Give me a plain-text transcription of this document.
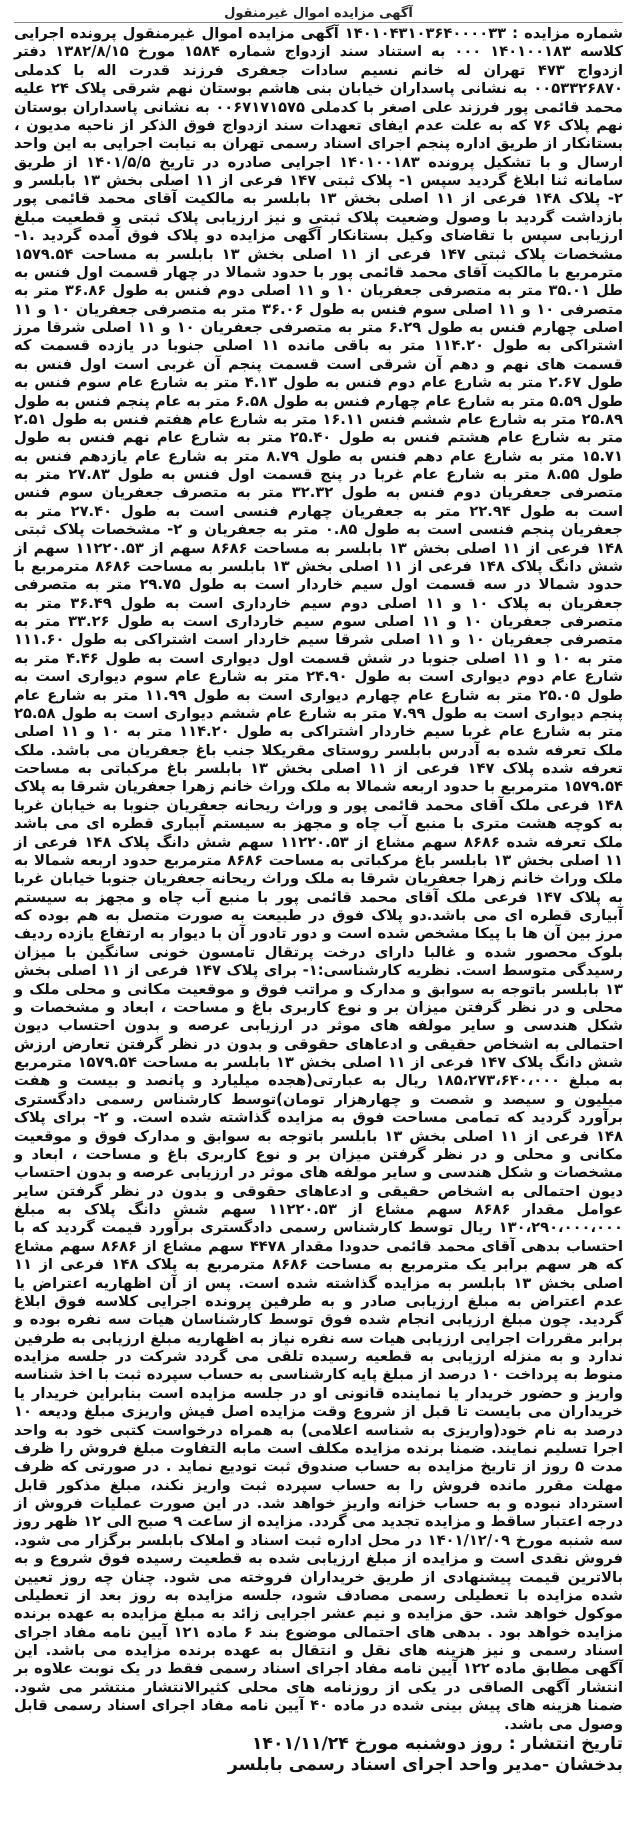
آگهی مزایده اموال غیرمنقول

شماره مزایده : ۱۴۰۱۰۴۳۱۰۳۶۴۰۰۰۰۳۳ آگهی مزایده اموال غیرمنقول پرونده اجرایی کلاسه ۱۴۰۱۰۰۱۸۳ ۰۰۰ به استناد سند ازدواج شماره ۱۵۸۴ مورخ ۱۳۸۲/۸/۱۵ دفتر ازدواج ۴۷۳ تهران له خانم نسیم سادات جعفری فرزند قدرت اله با کدملی ۰۰۵۳۳۲۶۸۷۰ به نشانی پاسداران خیابان بنی هاشم بوستان نهم شرقی پلاک ۲۴ علیه محمد قائمی پور فرزند علی اصغر با کدملی ۰۰۶۷۱۷۱۵۷۵ به نشانی پاسداران بوستان نهم پلاک ۷۶ که به علت عدم ایفای تعهدات سند ازدواج فوق الذکر از ناحیه مدیون ، بستانکار از طریق اداره پنجم اجرای اسناد رسمی تهران به نیابت اجرایی به این واحد ارسال و با تشکیل پرونده ۱۴۰۱۰۰۱۸۳ اجرایی صادره در تاریخ ۱۴۰۱/۵/۵ از طریق سامانه ثنا ابلاغ گردید سپس ۱- پلاک ثبتی ۱۴۷ فرعی از ۱۱ اصلی بخش ۱۳ بابلسر و ۲- پلاک ۱۴۸ فرعی از ۱۱ اصلی بخش ۱۳ بابلسر به مالکیت آقای محمد قائمی پور بازداشت گردید با وصول وضعیت پلاک ثبتی و نیز ارزیابی پلاک ثبتی و قطعیت مبلغ ارزیابی سپس با تقاضای وکیل بستانکار آگهی مزایده دو پلاک فوق آمده گردید .۱- مشخصات پلاک ثبتی ۱۴۷ فرعی از ۱۱ اصلی بخش ۱۳ بابلسر به مساحت ۱۵۷۹.۵۴ مترمربع با مالکیت آقای محمد قائمی پور با حدود شمالا در چهار قسمت اول فنس به طل ۳۵.۰۱ متر به متصرفی جعفریان ۱۰ و ۱۱ اصلی دوم فنس به طول ۳۶.۸۶ متر به متصرفی ۱۰ و ۱۱ اصلی سوم فنس به طول ۳۶.۰۶ متر به متصرفی جعفریان ۱۰ و ۱۱ اصلی چهارم فنس به طول ۶.۲۹ متر به متصرفی جعفریان ۱۰ و ۱۱ اصلی شرقا مرز اشتراکی به طول ۱۱۴.۲۰ متر به باقی مانده ۱۱ اصلی جنوبا در یازده قسمت که قسمت های نهم و دهم آن شرقی است قسمت پنجم آن غربی است اول فنس به طول ۲.۶۷ متر به شارع عام دوم فنس به طول ۴.۱۳ متر به شارع عام سوم فنس به طول ۵.۵۹ متر به شارع عام چهارم فنس به طول ۶.۵۸ متر به عام پنجم فنس به طول ۲۵.۸۹ متر به شارع عام ششم فنس ۱۶.۱۱ متر به شارع عام هفتم فنس به طول ۲.۵۱ متر به شارع عام هشتم فنس به طول ۲۵.۴۰ متر به شارع عام نهم فنس به طول ۱۵.۷۱ متر به شارع عام دهم فنس به طول ۸.۷۹ متر به شارع عام یازدهم فنس به طول ۸.۵۵ متر به شارع عام غربا در پنج قسمت اول فنس به طول ۲۷.۸۳ متر به متصرفی جعفریان دوم فنس به طول ۳۲.۳۲ متر به متصرف جعفریان سوم فنس است به طول ۲۲.۹۴ متر به جعفریان چهارم فنسی است به طول ۲۷.۴۰ متر به جعفریان پنجم فنسی است به طول ۰.۸۵ متر به جعفریان و ۲- مشخصات پلاک ثبتی ۱۴۸ فرعی از ۱۱ اصلی بخش ۱۳ بابلسر به مساحت ۸۶۸۶ سهم از ۱۱۲۲۰.۵۳ سهم از شش دانگ پلاک ۱۴۸ فرعی از ۱۱ اصلی بخش ۱۳ بابلسر به مساحت ۸۶۸۶ مترمربع با حدود شمالا در سه قسمت اول سیم خاردار است به طول ۲۹.۷۵ متر به متصرفی جعفریان به پلاک ۱۰ و ۱۱ اصلی دوم سیم خارداری است به طول ۳۶.۴۹ متر به متصرفی جعفریان ۱۰ و ۱۱ اصلی سوم سیم خارداری است به طول ۳۳.۲۶ متر به متصرفی جعفریان ۱۰ و ۱۱ اصلی شرقا سیم خاردار است اشتراکی به طول ۱۱۱.۶۰ متر به ۱۰ و ۱۱ اصلی جنوبا در شش قسمت اول دیواری است به طول ۴.۴۶ متر به شارع عام دوم دیواری است به طول ۲۴.۹۰ متر به شارع عام سوم دیواری است به طول ۲۵.۰۵ متر به شارع عام چهارم دیواری است به طول ۱۱.۹۹ متر به شارع عام پنجم دیواری است به طول ۷.۹۹ متر به شارع عام ششم دیواری است به طول ۲۵.۵۸ متر به شارع عام غربا سیم خاردار اشتراکی به طول ۱۱۴.۲۰ متر به ۱۰ و ۱۱ اصلی ملک تعرفه شده به آدرس بابلسر روستای مقریکلا جنب باغ جعفریان می باشد. ملک تعرفه شده پلاک ۱۴۷ فرعی از ۱۱ اصلی بخش ۱۳ بابلسر باغ مرکباتی به مساحت ۱۵۷۹.۵۴ مترمربع با حدود اربعه شمالا به ملک وراث خانم زهرا جعفریان شرقا به پلاک ۱۴۸ فرعی ملک آقای محمد قائمی پور و وراث ریحانه جعفریان جنوبا به خیابان غربا به کوچه هشت متری با منبع آب چاه و مجهز به سیستم آبیاری قطره ای می باشد ملک تعرفه شده ۸۶۸۶ سهم مشاع از ۱۱۲۲۰.۵۳ سهم شش دانگ پلاک ۱۴۸ فرعی از ۱۱ اصلی بخش ۱۳ بابلسر باغ مرکباتی به مساحت ۸۶۸۶ مترمربع حدود اربعه شمالا به ملک وراث خانم زهرا جعفریان شرقا به ملک وراث ریحانه جعفریان جنوبا خیابان غربا به پلاک ۱۴۷ فرعی ملک آقای محمد قائمی پور با منبع آب چاه و مجهز به سیستم آبیاری قطره ای می باشد.دو پلاک فوق در طبیعت به صورت متصل به هم بوده که مرز بین آن ها با پیکا مشخص شده است و دور تادور آن با دیوار به ارتفاع یازده ردیف بلوک محصور شده و غالبا دارای درخت پرتقال تامسون خونی سانگین با میزان رسیدگی متوسط است. نظریه کارشناسی:۱- برای پلاک ۱۴۷ فرعی از ۱۱ اصلی بخش ۱۳ بابلسر باتوجه به سوابق و مدارک و مراتب فوق و موقعیت مکانی و محلی ملک و محلی و در نظر گرفتن میزان بر و نوع کاربری باغ و مساحت ، ابعاد و مشخصات و شکل هندسی و سایر مولفه های موثر در ارزیابی عرصه و بدون احتساب دیون احتمالی به اشخاص حقیقی و ادعاهای حقوقی و بدون در نظر گرفتن تعارض ارزش شش دانگ پلاک ۱۴۷ فرعی از ۱۱ اصلی بخش ۱۳ بابلسر به مساحت ۱۵۷۹.۵۴ مترمربع به مبلغ ۱۸۵،۲۷۳،۶۴۰،۰۰۰ ریال به عبارتی(هجده میلیارد و پانصد و بیست و هفت میلیون و سیصد و شصت و چهارهزار تومان)توسط کارشناس رسمی دادگستری برآورد گردید که تمامی مساحت فوق به مزایده گذاشته شده است. و ۲- برای پلاک ۱۴۸ فرعی از ۱۱ اصلی بخش ۱۳ بابلسر باتوجه به سوابق و مدارک فوق و موقعیت مکانی و محلی و در نظر گرفتن میزان بر و نوع کاربری باغ و مساحت ، ابعاد و مشخصات و شکل هندسی و سایر مولفه های موثر در ارزیابی عرصه و بدون احتساب دیون احتمالی به اشخاص حقیقی و ادعاهای حقوقی و بدون در نظر گرفتن سایر عوامل مقدار ۸۶۸۶ سهم مشاع از ۱۱۲۲۰.۵۳ سهم شش دانگ پلاک به مبلغ ۱۳۰،۲۹۰،۰۰۰،۰۰۰ ریال توسط کارشناس رسمی دادگستری برآورد قیمت گردید که با احتساب بدهی آقای محمد قائمی حدودا مقدار ۴۴۷۸ سهم مشاع از ۸۶۸۶ سهم مشاع که هر سهم برابر یک مترمربع به مساحت ۸۶۸۶ مترمربع به پلاک ۱۴۸ فرعی از ۱۱ اصلی بخش ۱۳ بابلسر به مزایده گذاشته شده است. پس از آن اظهاریه اعتراض یا عدم اعتراض به مبلغ ارزیابی صادر و به طرفین پرونده اجرایی کلاسه فوق ابلاغ گردید. چون مبلغ ارزیابی انجام شده فوق توسط کارشناسان هیات سه نفره بوده و برابر مقررات اجرایی ارزیابی هیات سه نفره نیاز به اظهاریه مبلغ ارزیابی به طرفین ندارد و به منزله ارزیابی به قطعیه رسیده تلقی می گردد شرکت در جلسه مزایده منوط به پرداخت ۱۰ درصد از مبلغ پایه کارشناسی به حساب سپرده ثبت با اخذ شناسه واریز و حضور خریدار یا نماینده قانونی او در جلسه مزایده است بنابراین خریدار یا خریداران می بایست تا قبل از شروع وقت مزایده اصل فیش واریزی مبلغ ودیعه ۱۰ درصد به نام خود(واریزی به شناسه اعلامی) به همراه درخواست کتبی خود به واحد اجرا تسلیم نمایند. ضمنا برنده مزایده مکلف است مابه التفاوت مبلغ فروش را ظرف مدت ۵ روز از تاریخ مزایده به حساب صندوق ثبت تودیع نماید . در صورتی که ظرف مهلت مقرر مانده فروش را به حساب سپرده ثبت واریز نکند، مبلغ مذکور قابل استرداد نبوده و به حساب خزانه واریز خواهد شد. در این صورت عملیات فروش از درجه اعتبار ساقط و مزایده تجدید می گردد. مزایده از ساعت ۹ صبح الی ۱۲ ظهر روز سه شنبه مورخ ۱۴۰۱/۱۲/۰۹ در محل اداره ثبت اسناد و املاک بابلسر برگزار می شود. فروش نقدی است و مزایده از مبلغ ارزیابی شده به قطعیت رسیده فوق شروع و به بالاترین قیمت پیشنهادی از طریق خریداران فروخته می شود. چنان چه روز تعیین شده مزایده با تعطیلی رسمی مصادف شود، جلسه مزایده به روز بعد از تعطیلی موکول خواهد شد. حق مزایده و نیم عشر اجرایی زائد به مبلغ مزایده به عهده برنده مزایده خواهد بود . بدهی های احتمالی موضوع بند ۶ ماده ۱۲۱ آیین نامه مفاد اجرای اسناد رسمی و نیز هزینه های نقل و انتقال به عهده برنده مزایده می باشد. این آگهی مطابق ماده ۱۲۲ آیین نامه مفاد اجرای اسناد رسمی فقط در یک نوبت علاوه بر انتشار آگهی الصاقی در یکی از روزنامه های محلی کثیرالانتشار منتشر می شود. ضمنا هزینه های پیش بینی شده در ماده ۴۰ آیین نامه مفاد اجرای اسناد رسمی قابل وصول می باشد.

تاریخ انتشار : روز دوشنبه مورخ ۱۴۰۱/۱۱/۲۴

بدخشان -مدیر واحد اجرای اسناد رسمی بابلسر
